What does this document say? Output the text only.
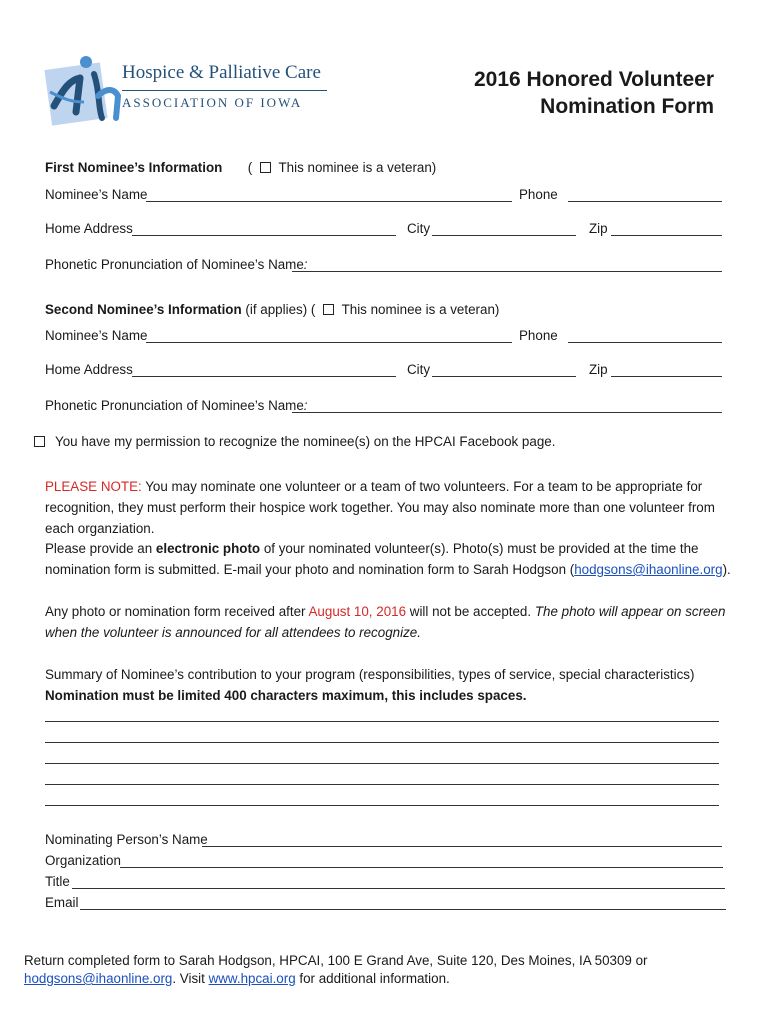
Hospice & Palliative Care
ASSOCIATION OF IOWA
2016 Honored Volunteer
Nomination Form
First Nominee’s Information ( This nominee is a veteran)
Nominee’s Name	Phone
Home Address	City	Zip
Phonetic Pronunciation of Nominee’s Name:
Second Nominee’s Information (if applies) ( This nominee is a veteran)
Nominee’s Name	Phone
Home Address	City	Zip
Phonetic Pronunciation of Nominee’s Name:
You have my permission to recognize the nominee(s) on the HPCAI Facebook page.
PLEASE NOTE: You may nominate one volunteer or a team of two volunteers. For a team to be appropriate for recognition, they must perform their hospice work together. You may also nominate more than one volunteer from each organziation.
Please provide an electronic photo of your nominated volunteer(s). Photo(s) must be provided at the time the nomination form is submitted. E-mail your photo and nomination form to Sarah Hodgson (hodgsons@ihaonline.org).
Any photo or nomination form received after August 10, 2016 will not be accepted. The photo will appear on screen when the volunteer is announced for all attendees to recognize.
Summary of Nominee’s contribution to your program (responsibilities, types of service, special characteristics) Nomination must be limited 400 characters maximum, this includes spaces.
Nominating Person’s Name
Organization
Title
Email
Return completed form to Sarah Hodgson, HPCAI, 100 E Grand Ave, Suite 120, Des Moines, IA 50309 or
hodgsons@ihaonline.org. Visit www.hpcai.org for additional information.
